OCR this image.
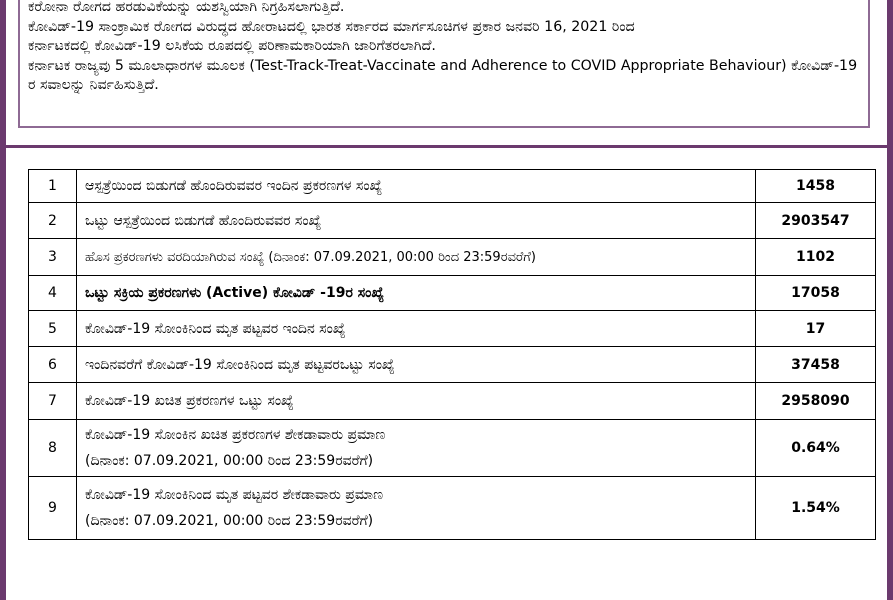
ಕರೋನಾ ರೋಗದ ಹರಡುವಿಕೆಯನ್ನು ಯಶಸ್ವಿಯಾಗಿ ನಿಗ್ರಹಿಸಲಾಗುತ್ತಿದೆ.

ಕೋವಿಡ್-19 ಸಾಂಕ್ರಾಮಿಕ ರೋಗದ ವಿರುದ್ಧದ ಹೋರಾಟದಲ್ಲಿ ಭಾರತ ಸರ್ಕಾರದ ಮಾರ್ಗಸೂಚಿಗಳ ಪ್ರಕಾರ ಜನವರಿ 16, 2021 ರಿಂದ

ಕರ್ನಾಟಕದಲ್ಲಿ ಕೋವಿಡ್-19 ಲಸಿಕೆಯ ರೂಪದಲ್ಲಿ ಪರಿಣಾಮಕಾರಿಯಾಗಿ ಜಾರಿಗೆತರಲಾಗಿದೆ.

ಕರ್ನಾಟಕ ರಾಜ್ಯವು 5 ಮೂಲಾಧಾರಗಳ ಮೂಲಕ (Test-Track-Treat-Vaccinate and Adherence to COVID Appropriate Behaviour) ಕೋವಿಡ್-19 ರ ಸವಾಲನ್ನು ನಿರ್ವಹಿಸುತ್ತಿದೆ.

1	ಆಸ್ಪತ್ರೆಯಿಂದ ಬಿಡುಗಡೆ ಹೊಂದಿರುವವರ ಇಂದಿನ ಪ್ರಕರಣಗಳ ಸಂಖ್ಯೆ	1458
2	ಒಟ್ಟು ಆಸ್ಪತ್ರೆಯಿಂದ ಬಿಡುಗಡೆ ಹೊಂದಿರುವವರ ಸಂಖ್ಯೆ	2903547
3	ಹೊಸ ಪ್ರಕರಣಗಳು ವರದಿಯಾಗಿರುವ ಸಂಖ್ಯೆ (ದಿನಾಂಕ: 07.09.2021, 00:00 ರಿಂದ 23:59ರವರೆಗೆ)	1102
4	ಒಟ್ಟು ಸಕ್ರಿಯ ಪ್ರಕರಣಗಳು (Active) ಕೋವಿಡ್ -19ರ ಸಂಖ್ಯೆ	17058
5	ಕೋವಿಡ್-19 ಸೋಂಕಿನಿಂದ ಮೃತ ಪಟ್ಟವರ ಇಂದಿನ ಸಂಖ್ಯೆ	17
6	ಇಂದಿನವರೆಗೆ ಕೋವಿಡ್-19 ಸೋಂಕಿನಿಂದ ಮೃತ ಪಟ್ಟವರಒಟ್ಟು ಸಂಖ್ಯೆ	37458
7	ಕೋವಿಡ್-19 ಖಚಿತ ಪ್ರಕರಣಗಳ ಒಟ್ಟು ಸಂಖ್ಯೆ	2958090
8	ಕೋವಿಡ್-19 ಸೋಂಕಿನ ಖಚಿತ ಪ್ರಕರಣಗಳ ಶೇಕಡಾವಾರು ಪ್ರಮಾಣ
(ದಿನಾಂಕ: 07.09.2021, 00:00 ರಿಂದ 23:59ರವರೆಗೆ)	0.64%
9	ಕೋವಿಡ್-19 ಸೋಂಕಿನಿಂದ ಮೃತ ಪಟ್ಟವರ ಶೇಕಡಾವಾರು ಪ್ರಮಾಣ
(ದಿನಾಂಕ: 07.09.2021, 00:00 ರಿಂದ 23:59ರವರೆಗೆ)	1.54%
